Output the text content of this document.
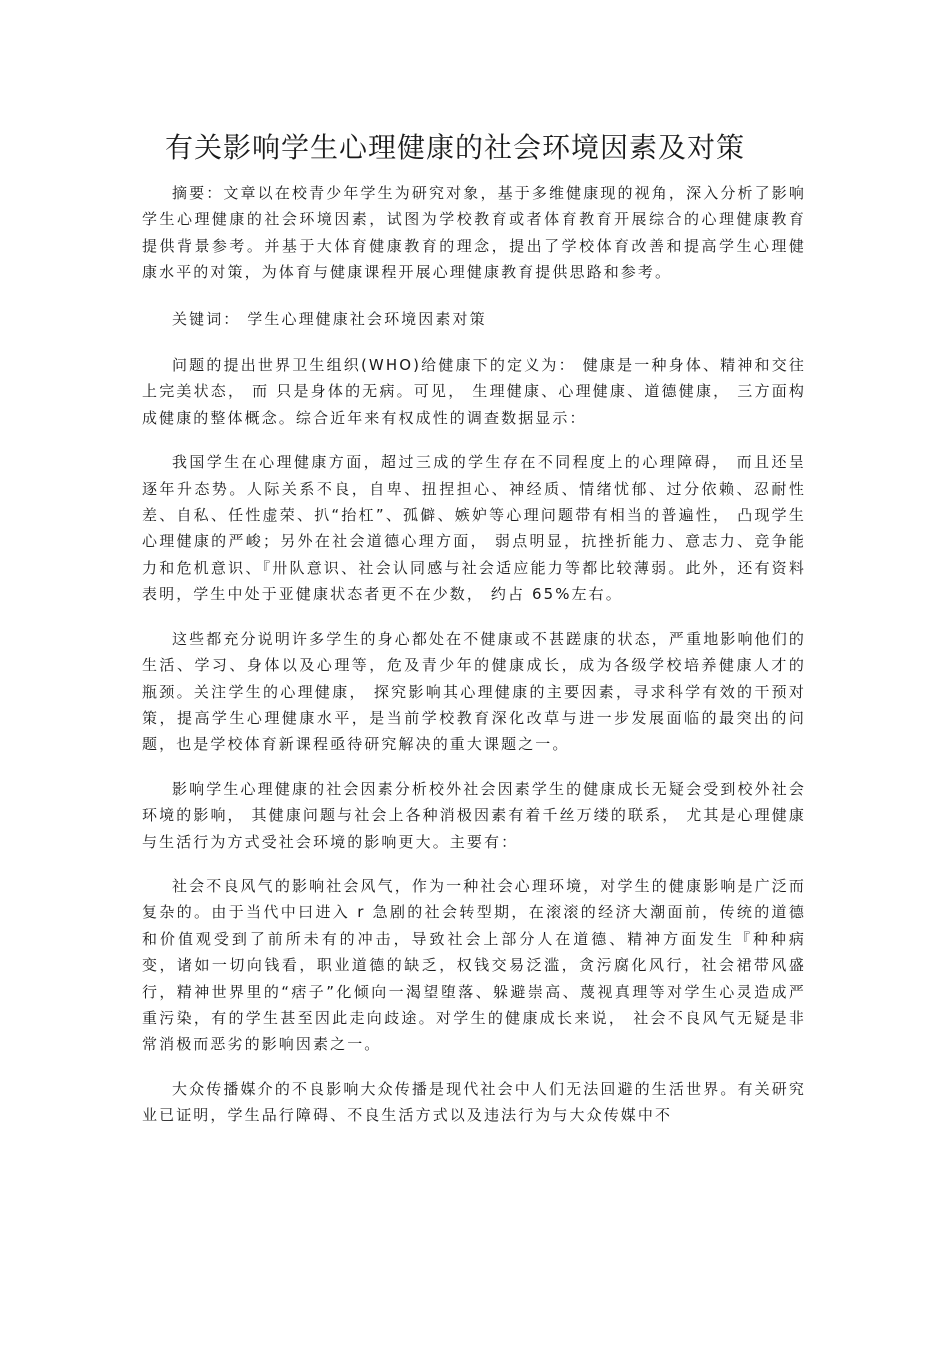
有关影响学生心理健康的社会环境因素及对策

摘要：文章以在校青少年学生为研究对象，基于多维健康现的视角，深入分析了影响学生心理健康的社会环境因素，试图为学校教育或者体育教育开展综合的心理健康教育提供背景参考。并基于大体育健康教育的理念，提出了学校体育改善和提高学生心理健康水平的对策，为体育与健康课程开展心理健康教育提供思路和参考。

关键词： 学生心理健康社会环境因素对策

问题的提出世界卫生组织(WHO)给健康下的定义为： 健康是一种身体、精神和交往上完美状态， 而 只是身体的无病。可见， 生理健康、心理健康、道德健康， 三方面构成健康的整体概念。综合近年来有权成性的调查数据显示：

我国学生在心理健康方面，超过三成的学生存在不同程度上的心理障碍， 而且还呈逐年升态势。人际关系不良，自卑、扭捏担心、神经质、情绪忧郁、过分依赖、忍耐性差、自私、任性虚荣、扒“抬杠”、孤僻、嫉妒等心理问题带有相当的普遍性， 凸现学生心理健康的严峻；另外在社会道德心理方面， 弱点明显，抗挫折能力、意志力、竞争能力和危机意识、『卅队意识、社会认同感与社会适应能力等都比较薄弱。此外，还有资料表明，学生中处于亚健康状态者更不在少数， 约占 65%左右。

这些都充分说明许多学生的身心都处在不健康或不甚蹉康的状态，严重地影响他们的生活、学习、身体以及心理等，危及青少年的健康成长，成为各级学校培养健康人才的瓶颈。关注学生的心理健康， 探究影响其心理健康的主要因素，寻求科学有效的干预对策，提高学生心理健康水平，是当前学校教育深化改草与进一步发展面临的最突出的问题，也是学校体育新课程亟待研究解决的重大课题之一。

影响学生心理健康的社会因素分析校外社会因素学生的健康成长无疑会受到校外社会环境的影响， 其健康问题与社会上各种消极因素有着千丝万缕的联系， 尤其是心理健康与生活行为方式受社会环境的影响更大。主要有：

社会不良风气的影响社会风气，作为一种社会心理环境，对学生的健康影响是广泛而复杂的。由于当代中曰进入 r 急剧的社会转型期，在滚滚的经济大潮面前，传统的道德和价值观受到了前所未有的冲击，导致社会上部分人在道德、精神方面发生『种种病变，诸如一切向钱看，职业道德的缺乏，权钱交易泛滥，贪污腐化风行，社会裙带风盛行，精神世界里的“痞子”化倾向一渴望堕落、躲避崇高、蔑视真理等对学生心灵造成严重污染，有的学生甚至因此走向歧途。对学生的健康成长来说， 社会不良风气无疑是非常消极而恶劣的影响因素之一。

大众传播媒介的不良影响大众传播是现代社会中人们无法回避的生活世界。有关研究业已证明，学生品行障碍、不良生活方式以及违法行为与大众传媒中不
